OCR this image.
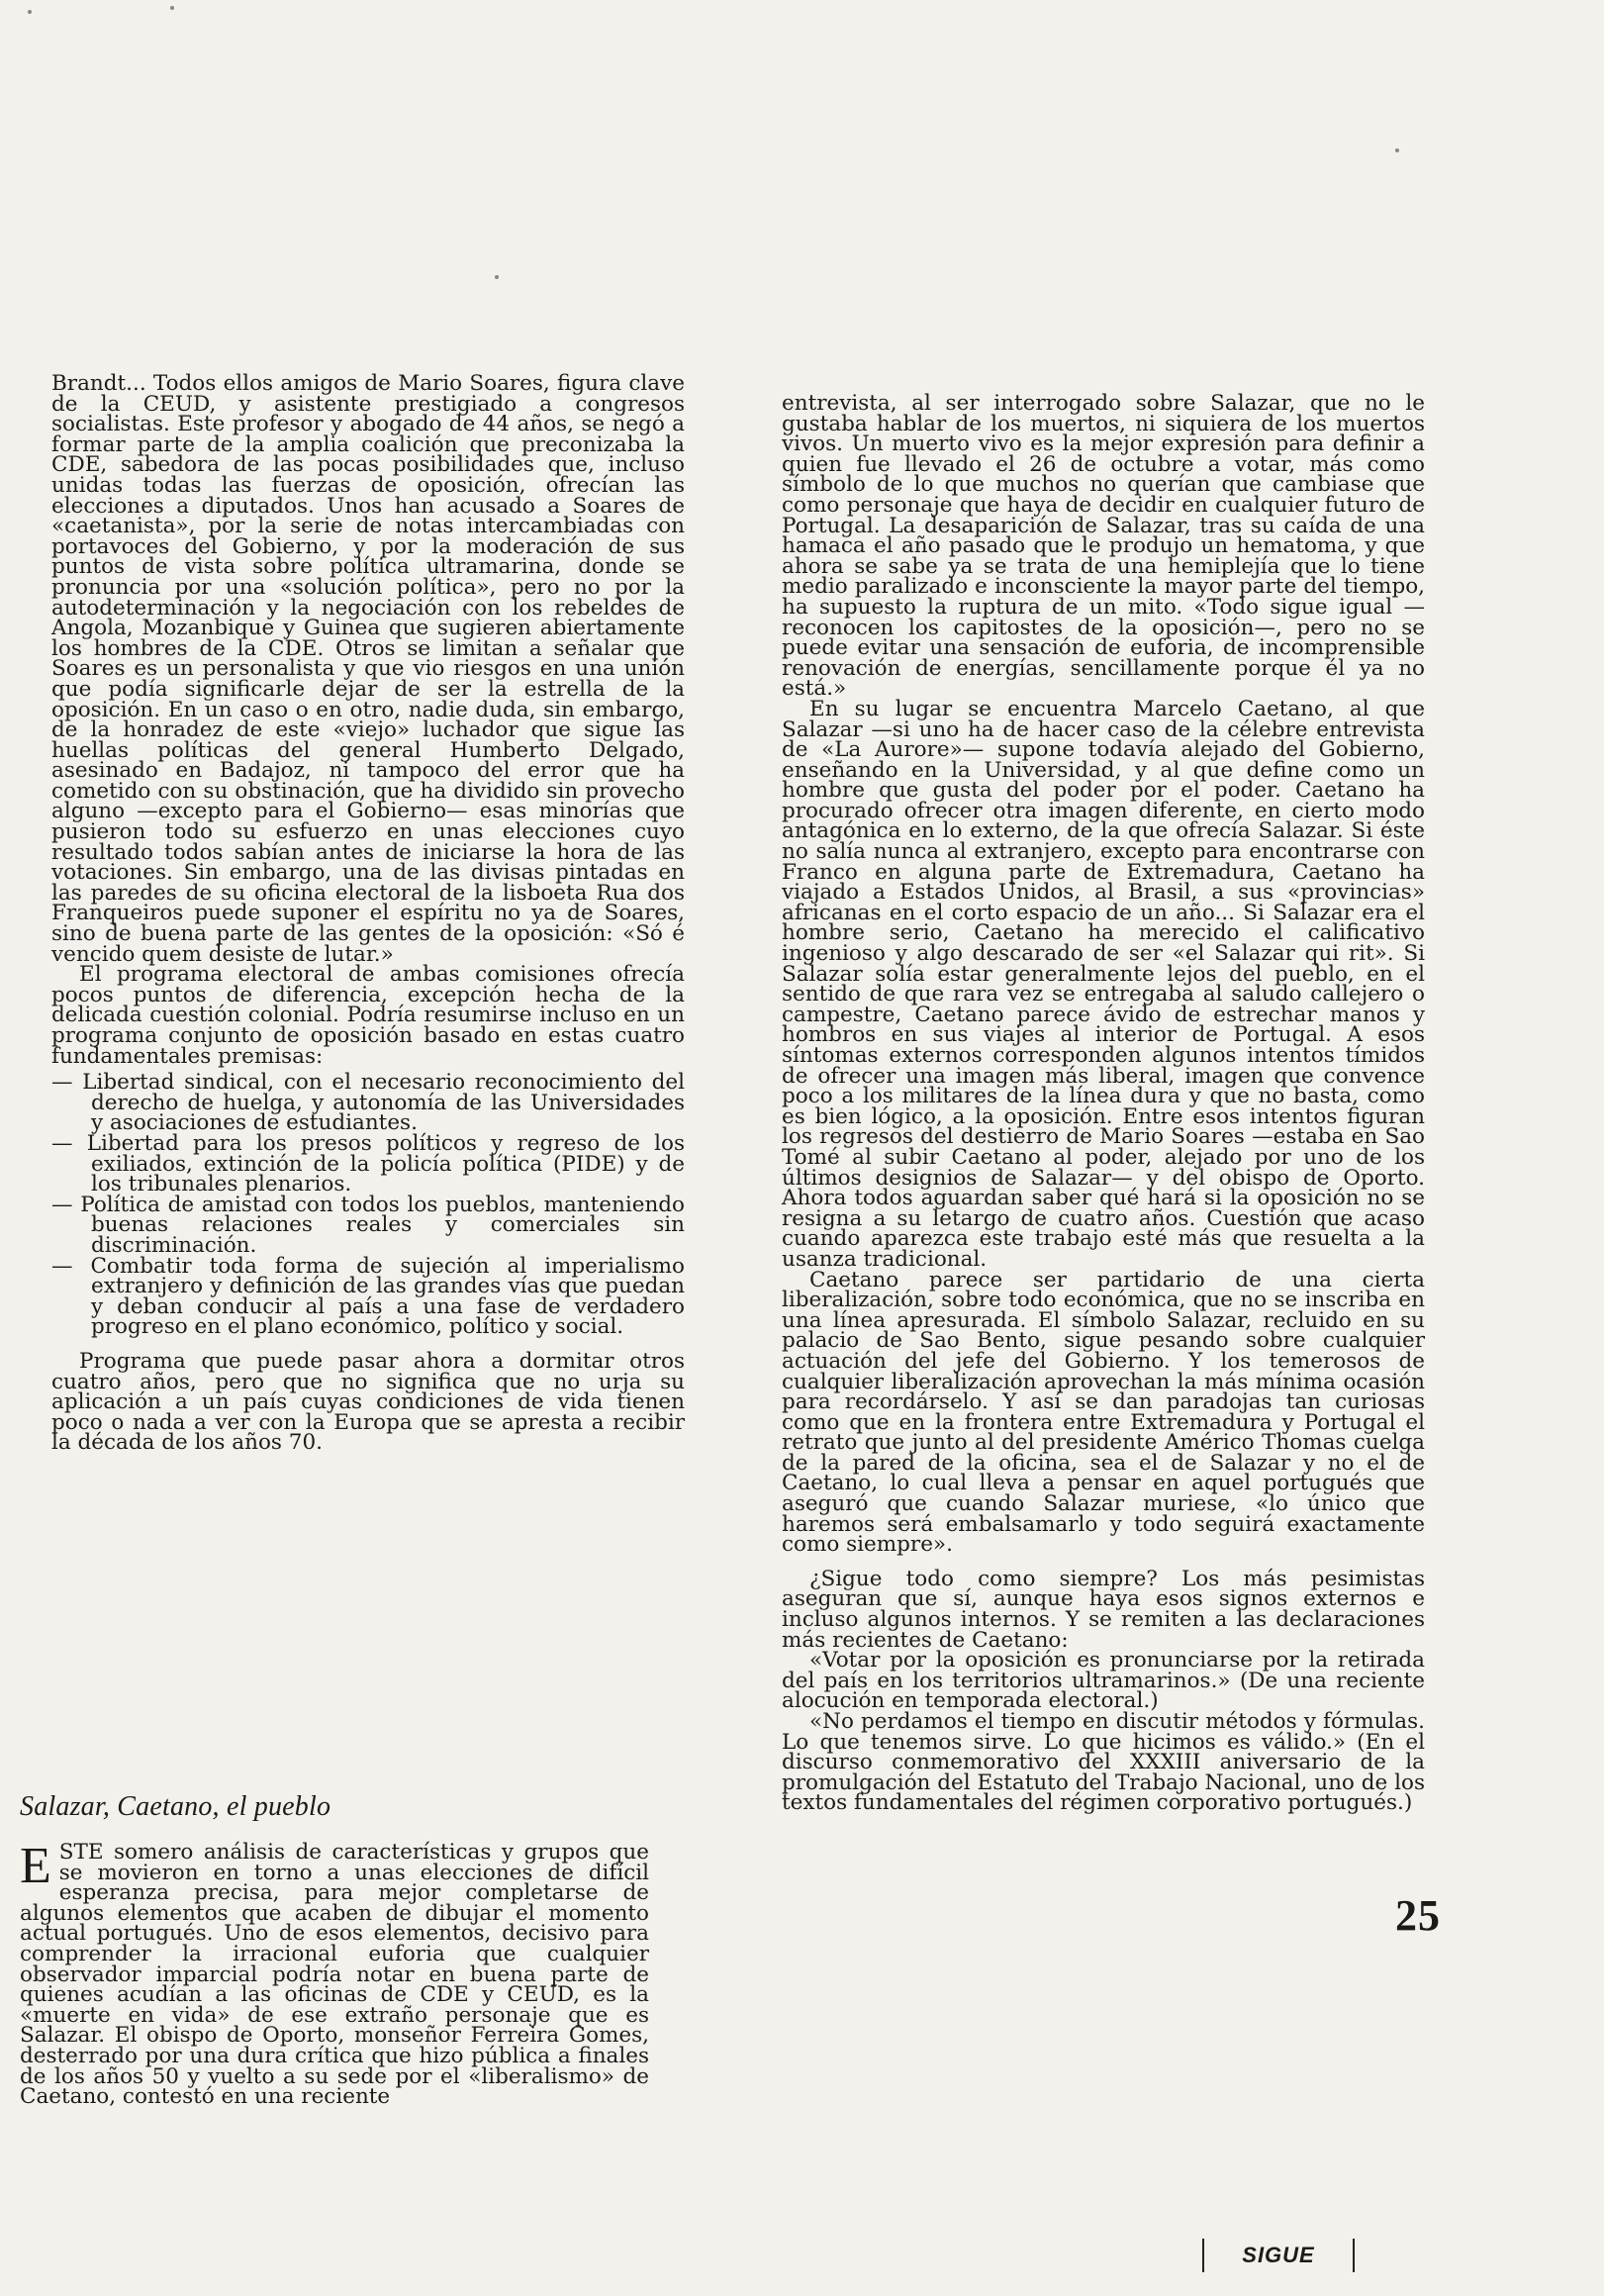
Brandt... Todos ellos amigos de Mario Soares, figura clave de la CEUD, y asistente prestigiado a congresos socialistas. Este profesor y abogado de 44 años, se negó a formar parte de la amplia coalición que preconizaba la CDE, sabedora de las pocas posibilidades que, incluso unidas todas las fuerzas de oposición, ofrecían las elecciones a diputados. Unos han acusado a Soares de «caetanista», por la serie de notas intercambiadas con portavoces del Gobierno, y por la moderación de sus puntos de vista sobre política ultramarina, donde se pronuncia por una «solución política», pero no por la autodeterminación y la negociación con los rebeldes de Angola, Mozanbique y Guinea que sugieren abiertamente los hombres de la CDE. Otros se limitan a señalar que Soares es un personalista y que vio riesgos en una unión que podía significarle dejar de ser la estrella de la oposición. En un caso o en otro, nadie duda, sin embargo, de la honradez de este «viejo» luchador que sigue las huellas políticas del general Humberto Delgado, asesinado en Badajoz, ni tampoco del error que ha cometido con su obstinación, que ha dividido sin provecho alguno —excepto para el Gobierno— esas minorías que pusieron todo su esfuerzo en unas elecciones cuyo resultado todos sabían antes de iniciarse la hora de las votaciones. Sin embargo, una de las divisas pintadas en las paredes de su oficina electoral de la lisboeta Rua dos Franqueiros puede suponer el espíritu no ya de Soares, sino de buena parte de las gentes de la oposición: «Só é vencido quem desiste de lutar.»

El programa electoral de ambas comisiones ofrecía pocos puntos de diferencia, excepción hecha de la delicada cuestión colonial. Podría resumirse incluso en un programa conjunto de oposición basado en estas cuatro fundamentales premisas:

— Libertad sindical, con el necesario reconocimiento del derecho de huelga, y autonomía de las Universidades y asociaciones de estudiantes.
— Libertad para los presos políticos y regreso de los exiliados, extinción de la policía política (PIDE) y de los tribunales plenarios.
— Política de amistad con todos los pueblos, manteniendo buenas relaciones reales y comerciales sin discriminación.
— Combatir toda forma de sujeción al imperialismo extranjero y definición de las grandes vías que puedan y deban conducir al país a una fase de verdadero progreso en el plano económico, político y social.

Programa que puede pasar ahora a dormitar otros cuatro años, pero que no significa que no urja su aplicación a un país cuyas condiciones de vida tienen poco o nada a ver con la Europa que se apresta a recibir la década de los años 70.

Salazar, Caetano, el pueblo

ESTE somero análisis de características y grupos que se movieron en torno a unas elecciones de difícil esperanza precisa, para mejor completarse de algunos elementos que acaben de dibujar el momento actual portugués. Uno de esos elementos, decisivo para comprender la irracional euforia que cualquier observador imparcial podría notar en buena parte de quienes acudían a las oficinas de CDE y CEUD, es la «muerte en vida» de ese extraño personaje que es Salazar. El obispo de Oporto, monseñor Ferreira Gomes, desterrado por una dura crítica que hizo pública a finales de los años 50 y vuelto a su sede por el «liberalismo» de Caetano, contestó en una reciente

entrevista, al ser interrogado sobre Salazar, que no le gustaba hablar de los muertos, ni siquiera de los muertos vivos. Un muerto vivo es la mejor expresión para definir a quien fue llevado el 26 de octubre a votar, más como símbolo de lo que muchos no querían que cambiase que como personaje que haya de decidir en cualquier futuro de Portugal. La desaparición de Salazar, tras su caída de una hamaca el año pasado que le produjo un hematoma, y que ahora se sabe ya se trata de una hemiplejía que lo tiene medio paralizado e inconsciente la mayor parte del tiempo, ha supuesto la ruptura de un mito. «Todo sigue igual —reconocen los capitostes de la oposición—, pero no se puede evitar una sensación de euforia, de incomprensible renovación de energías, sencillamente porque él ya no está.»

En su lugar se encuentra Marcelo Caetano, al que Salazar —si uno ha de hacer caso de la célebre entrevista de «La Aurore»— supone todavía alejado del Gobierno, enseñando en la Universidad, y al que define como un hombre que gusta del poder por el poder. Caetano ha procurado ofrecer otra imagen diferente, en cierto modo antagónica en lo externo, de la que ofrecía Salazar. Si éste no salía nunca al extranjero, excepto para encontrarse con Franco en alguna parte de Extremadura, Caetano ha viajado a Estados Unidos, al Brasil, a sus «provincias» africanas en el corto espacio de un año... Si Salazar era el hombre serio, Caetano ha merecido el calificativo ingenioso y algo descarado de ser «el Salazar qui rit». Si Salazar solía estar generalmente lejos del pueblo, en el sentido de que rara vez se entregaba al saludo callejero o campestre, Caetano parece ávido de estrechar manos y hombros en sus viajes al interior de Portugal. A esos síntomas externos corresponden algunos intentos tímidos de ofrecer una imagen más liberal, imagen que convence poco a los militares de la línea dura y que no basta, como es bien lógico, a la oposición. Entre esos intentos figuran los regresos del destierro de Mario Soares —estaba en Sao Tomé al subir Caetano al poder, alejado por uno de los últimos designios de Salazar— y del obispo de Oporto. Ahora todos aguardan saber qué hará si la oposición no se resigna a su letargo de cuatro años. Cuestión que acaso cuando aparezca este trabajo esté más que resuelta a la usanza tradicional.

Caetano parece ser partidario de una cierta liberalización, sobre todo económica, que no se inscriba en una línea apresurada. El símbolo Salazar, recluido en su palacio de Sao Bento, sigue pesando sobre cualquier actuación del jefe del Gobierno. Y los temerosos de cualquier liberalización aprovechan la más mínima ocasión para recordárselo. Y así se dan paradojas tan curiosas como que en la frontera entre Extremadura y Portugal el retrato que junto al del presidente Américo Thomas cuelga de la pared de la oficina, sea el de Salazar y no el de Caetano, lo cual lleva a pensar en aquel portugués que aseguró que cuando Salazar muriese, «lo único que haremos será embalsamarlo y todo seguirá exactamente como siempre».

¿Sigue todo como siempre? Los más pesimistas aseguran que sí, aunque haya esos signos externos e incluso algunos internos. Y se remiten a las declaraciones más recientes de Caetano:

«Votar por la oposición es pronunciarse por la retirada del país en los territorios ultramarinos.» (De una reciente alocución en temporada electoral.)

«No perdamos el tiempo en discutir métodos y fórmulas. Lo que tenemos sirve. Lo que hicimos es válido.» (En el discurso conmemorativo del XXXIII aniversario de la promulgación del Estatuto del Trabajo Nacional, uno de los textos fundamentales del régimen corporativo portugués.)

25
SIGUE
